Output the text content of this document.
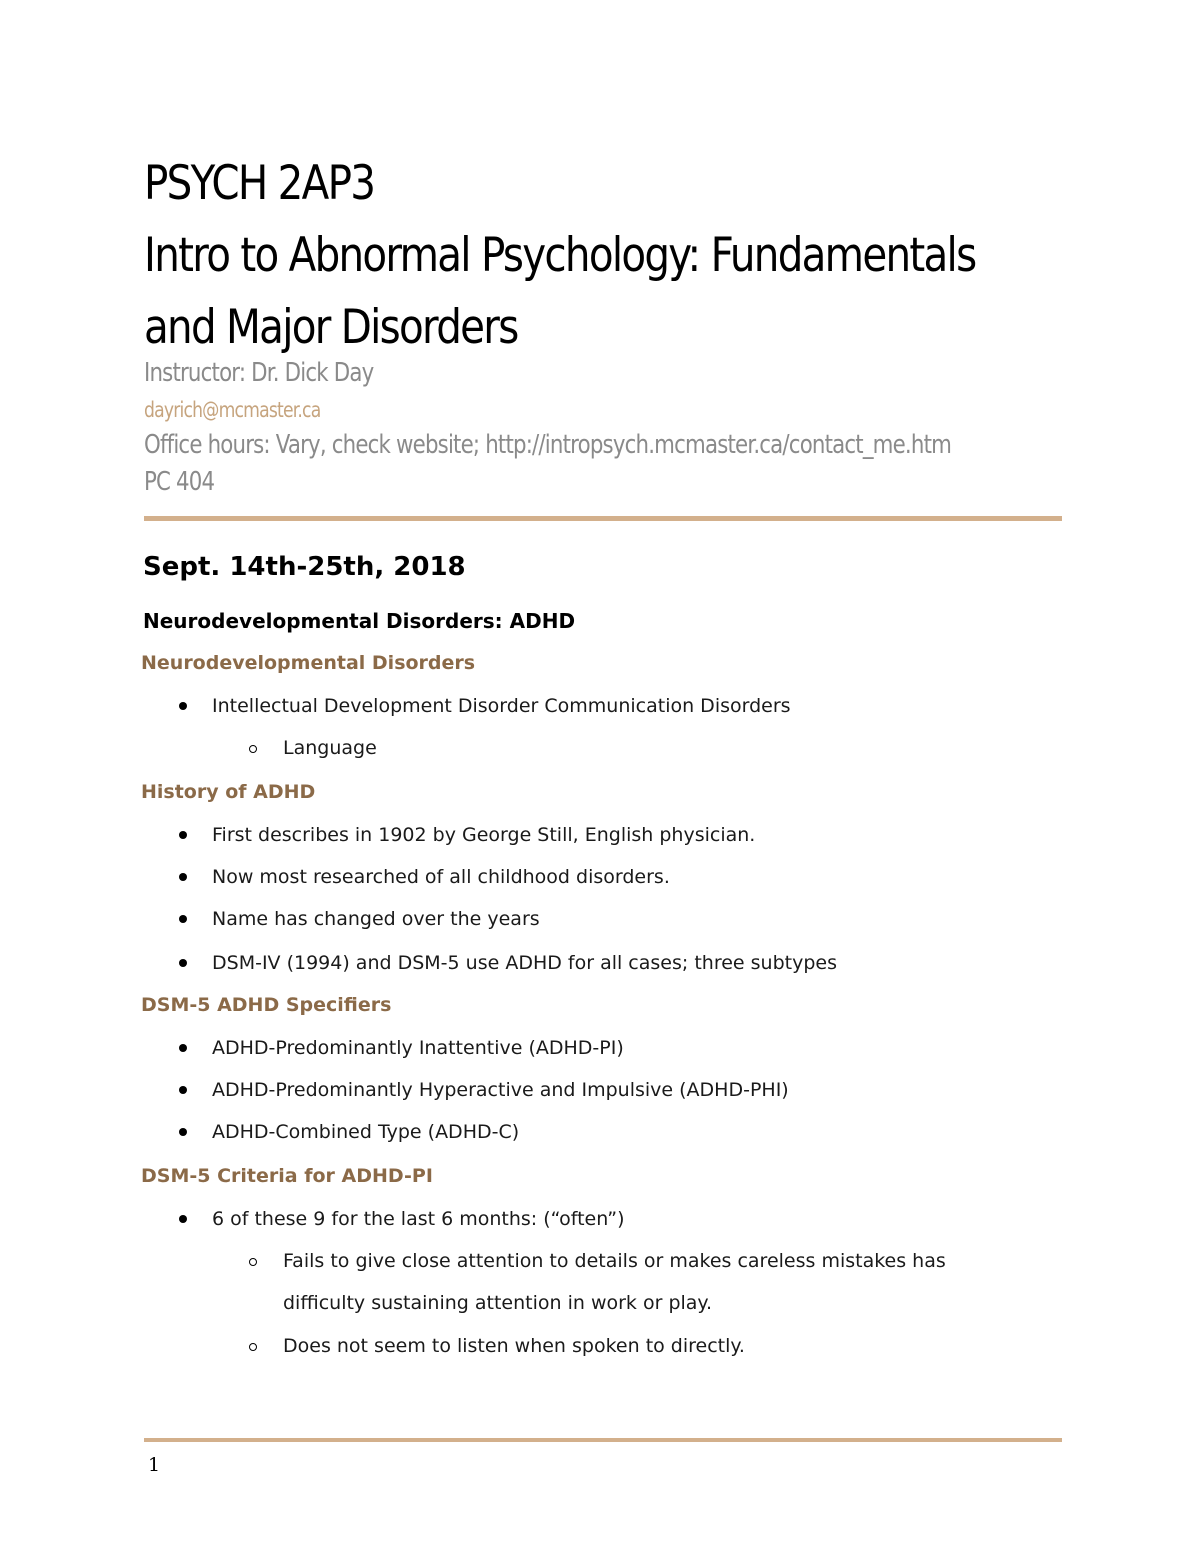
PSYCH 2AP3
Intro to Abnormal Psychology: Fundamentals
and Major Disorders
Instructor: Dr. Dick Day
dayrich@mcmaster.ca
Office hours: Vary, check website; http://intropsych.mcmaster.ca/contact_me.htm
PC 404
Sept. 14th-25th, 2018
Neurodevelopmental Disorders: ADHD
Neurodevelopmental Disorders
Intellectual Development Disorder Communication Disorders
Language
History of ADHD
First describes in 1902 by George Still, English physician.
Now most researched of all childhood disorders.
Name has changed over the years
DSM-IV (1994) and DSM-5 use ADHD for all cases; three subtypes
DSM-5 ADHD Specifiers
ADHD-Predominantly Inattentive (ADHD-PI)
ADHD-Predominantly Hyperactive and Impulsive (ADHD-PHI)
ADHD-Combined Type (ADHD-C)
DSM-5 Criteria for ADHD-PI
6 of these 9 for the last 6 months: (“often”)
Fails to give close attention to details or makes careless mistakes has
difficulty sustaining attention in work or play.
Does not seem to listen when spoken to directly.
1
